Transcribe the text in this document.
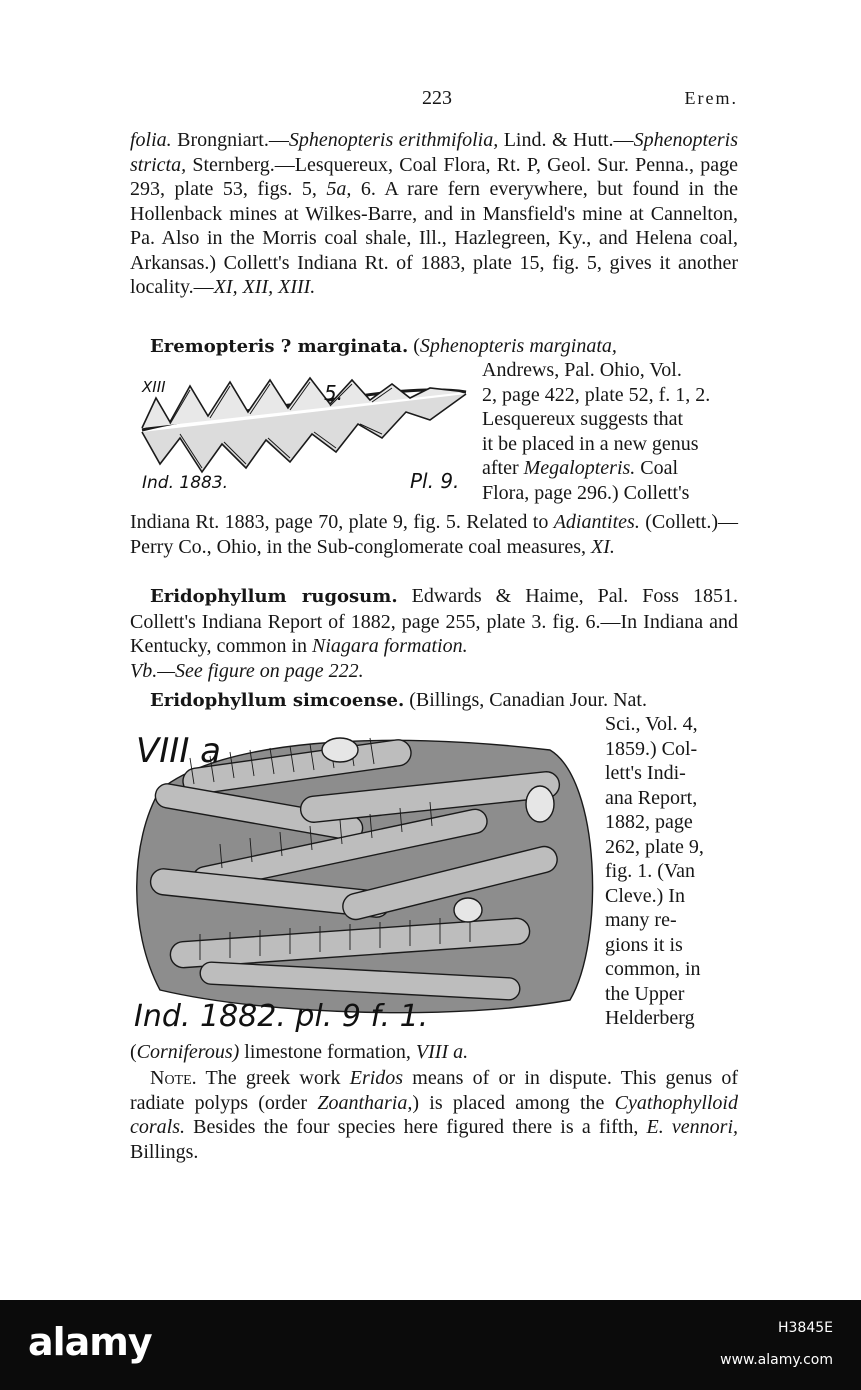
223	Erem.
folia. Brongniart.—Sphenopteris erithmifolia, Lind. & Hutt.—Sphenopteris stricta, Sternberg.—Lesquereux, Coal Flora, Rt. P, Geol. Sur. Penna., page 293, plate 53, figs. 5, 5a, 6. A rare fern everywhere, but found in the Hollenback mines at Wilkes-Barre, and in Mansfield's mine at Cannelton, Pa. Also in the Morris coal shale, Ill., Hazlegreen, Ky., and Helena coal, Arkansas.) Collett's Indiana Rt. of 1883, plate 15, fig. 5, gives it another locality.—XI, XII, XIII.
Eremopteris ? marginata. (Sphenopteris marginata,
XIII	5.
Ind. 1883.	Pl. 9.
Andrews, Pal. Ohio, Vol.
2, page 422, plate 52, f. 1, 2.
Lesquereux suggests that
it be placed in a new genus
after Megalopteris. Coal
Flora, page 296.) Collett's
Indiana Rt. 1883, page 70, plate 9, fig. 5. Related to Adiantites. (Collett.)—Perry Co., Ohio, in the Sub-conglomerate coal measures, XI.
Eridophyllum rugosum. Edwards & Haime, Pal. Foss 1851. Collett's Indiana Report of 1882, page 255, plate 3. fig. 6.—In Indiana and Kentucky, common in Niagara formation.
Vb.—See figure on page 222.
Eridophyllum simcoense. (Billings, Canadian Jour. Nat.
VIII a
Ind. 1882. pl. 9 f. 1.
Sci., Vol. 4,
1859.) Col-
lett's Indi-
ana Report,
1882, page
262, plate 9,
fig. 1. (Van
Cleve.) In
many re-
gions it is
common, in
the Upper
Helderberg
(Corniferous) limestone formation, VIII a.
Note. The greek work Eridos means of or in dispute. This genus of radiate polyps (order Zoantharia,) is placed among the Cyathophylloid corals. Besides the four species here figured there is a fifth, E. vennori, Billings.
alamy	H3845E
www.alamy.com
